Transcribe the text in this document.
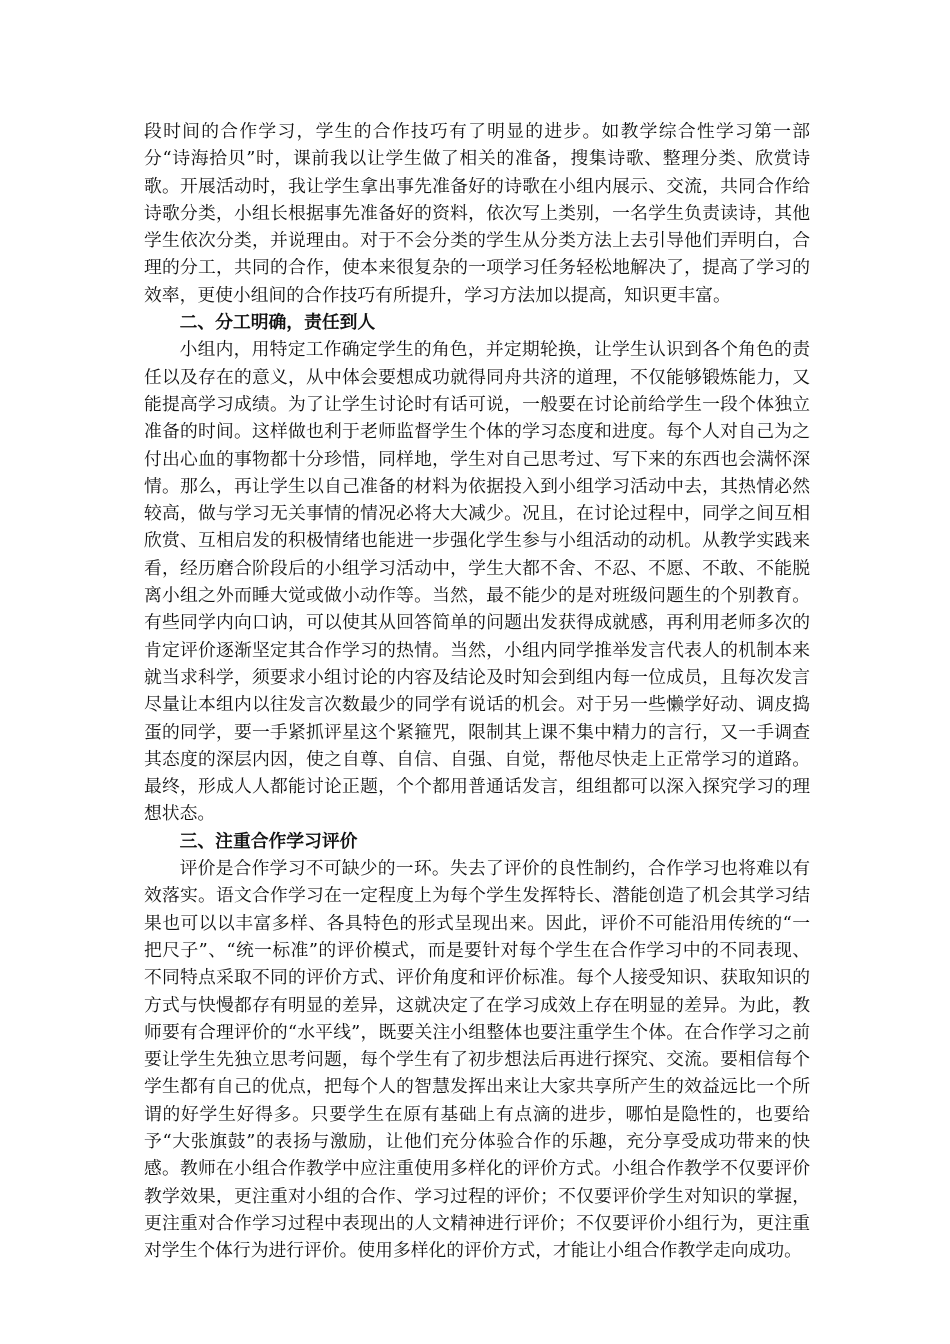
段时间的合作学习，学生的合作技巧有了明显的进步。如教学综合性学习第一部分“诗海拾贝”时，课前我以让学生做了相关的准备，搜集诗歌、整理分类、欣赏诗歌。开展活动时，我让学生拿出事先准备好的诗歌在小组内展示、交流，共同合作给诗歌分类，小组长根据事先准备好的资料，依次写上类别，一名学生负责读诗，其他学生依次分类，并说理由。对于不会分类的学生从分类方法上去引导他们弄明白，合理的分工，共同的合作，使本来很复杂的一项学习任务轻松地解决了，提高了学习的效率，更使小组间的合作技巧有所提升，学习方法加以提高，知识更丰富。

二、分工明确，责任到人

小组内，用特定工作确定学生的角色，并定期轮换，让学生认识到各个角色的责任以及存在的意义，从中体会要想成功就得同舟共济的道理，不仅能够锻炼能力，又能提高学习成绩。为了让学生讨论时有话可说，一般要在讨论前给学生一段个体独立准备的时间。这样做也利于老师监督学生个体的学习态度和进度。每个人对自己为之付出心血的事物都十分珍惜，同样地，学生对自己思考过、写下来的东西也会满怀深情。那么，再让学生以自己准备的材料为依据投入到小组学习活动中去，其热情必然较高，做与学习无关事情的情况必将大大减少。况且，在讨论过程中，同学之间互相欣赏、互相启发的积极情绪也能进一步强化学生参与小组活动的动机。从教学实践来看，经历磨合阶段后的小组学习活动中，学生大都不舍、不忍、不愿、不敢、不能脱离小组之外而睡大觉或做小动作等。当然，最不能少的是对班级问题生的个别教育。有些同学内向口讷，可以使其从回答简单的问题出发获得成就感，再利用老师多次的肯定评价逐渐坚定其合作学习的热情。当然，小组内同学推举发言代表人的机制本来就当求科学，须要求小组讨论的内容及结论及时知会到组内每一位成员，且每次发言尽量让本组内以往发言次数最少的同学有说话的机会。对于另一些懒学好动、调皮捣蛋的同学，要一手紧抓评星这个紧箍咒，限制其上课不集中精力的言行，又一手调查其态度的深层内因，使之自尊、自信、自强、自觉，帮他尽快走上正常学习的道路。最终，形成人人都能讨论正题，个个都用普通话发言，组组都可以深入探究学习的理想状态。

三、注重合作学习评价

评价是合作学习不可缺少的一环。失去了评价的良性制约，合作学习也将难以有效落实。语文合作学习在一定程度上为每个学生发挥特长、潜能创造了机会其学习结果也可以以丰富多样、各具特色的形式呈现出来。因此，评价不可能沿用传统的“一把尺子”、“统一标准”的评价模式，而是要针对每个学生在合作学习中的不同表现、不同特点采取不同的评价方式、评价角度和评价标准。每个人接受知识、获取知识的方式与快慢都存有明显的差异，这就决定了在学习成效上存在明显的差异。为此，教师要有合理评价的“水平线”，既要关注小组整体也要注重学生个体。在合作学习之前要让学生先独立思考问题，每个学生有了初步想法后再进行探究、交流。要相信每个学生都有自己的优点，把每个人的智慧发挥出来让大家共享所产生的效益远比一个所谓的好学生好得多。只要学生在原有基础上有点滴的进步，哪怕是隐性的，也要给予“大张旗鼓”的表扬与激励，让他们充分体验合作的乐趣，充分享受成功带来的快感。教师在小组合作教学中应注重使用多样化的评价方式。小组合作教学不仅要评价教学效果，更注重对小组的合作、学习过程的评价；不仅要评价学生对知识的掌握，更注重对合作学习过程中表现出的人文精神进行评价；不仅要评价小组行为，更注重对学生个体行为进行评价。使用多样化的评价方式，才能让小组合作教学走向成功。
